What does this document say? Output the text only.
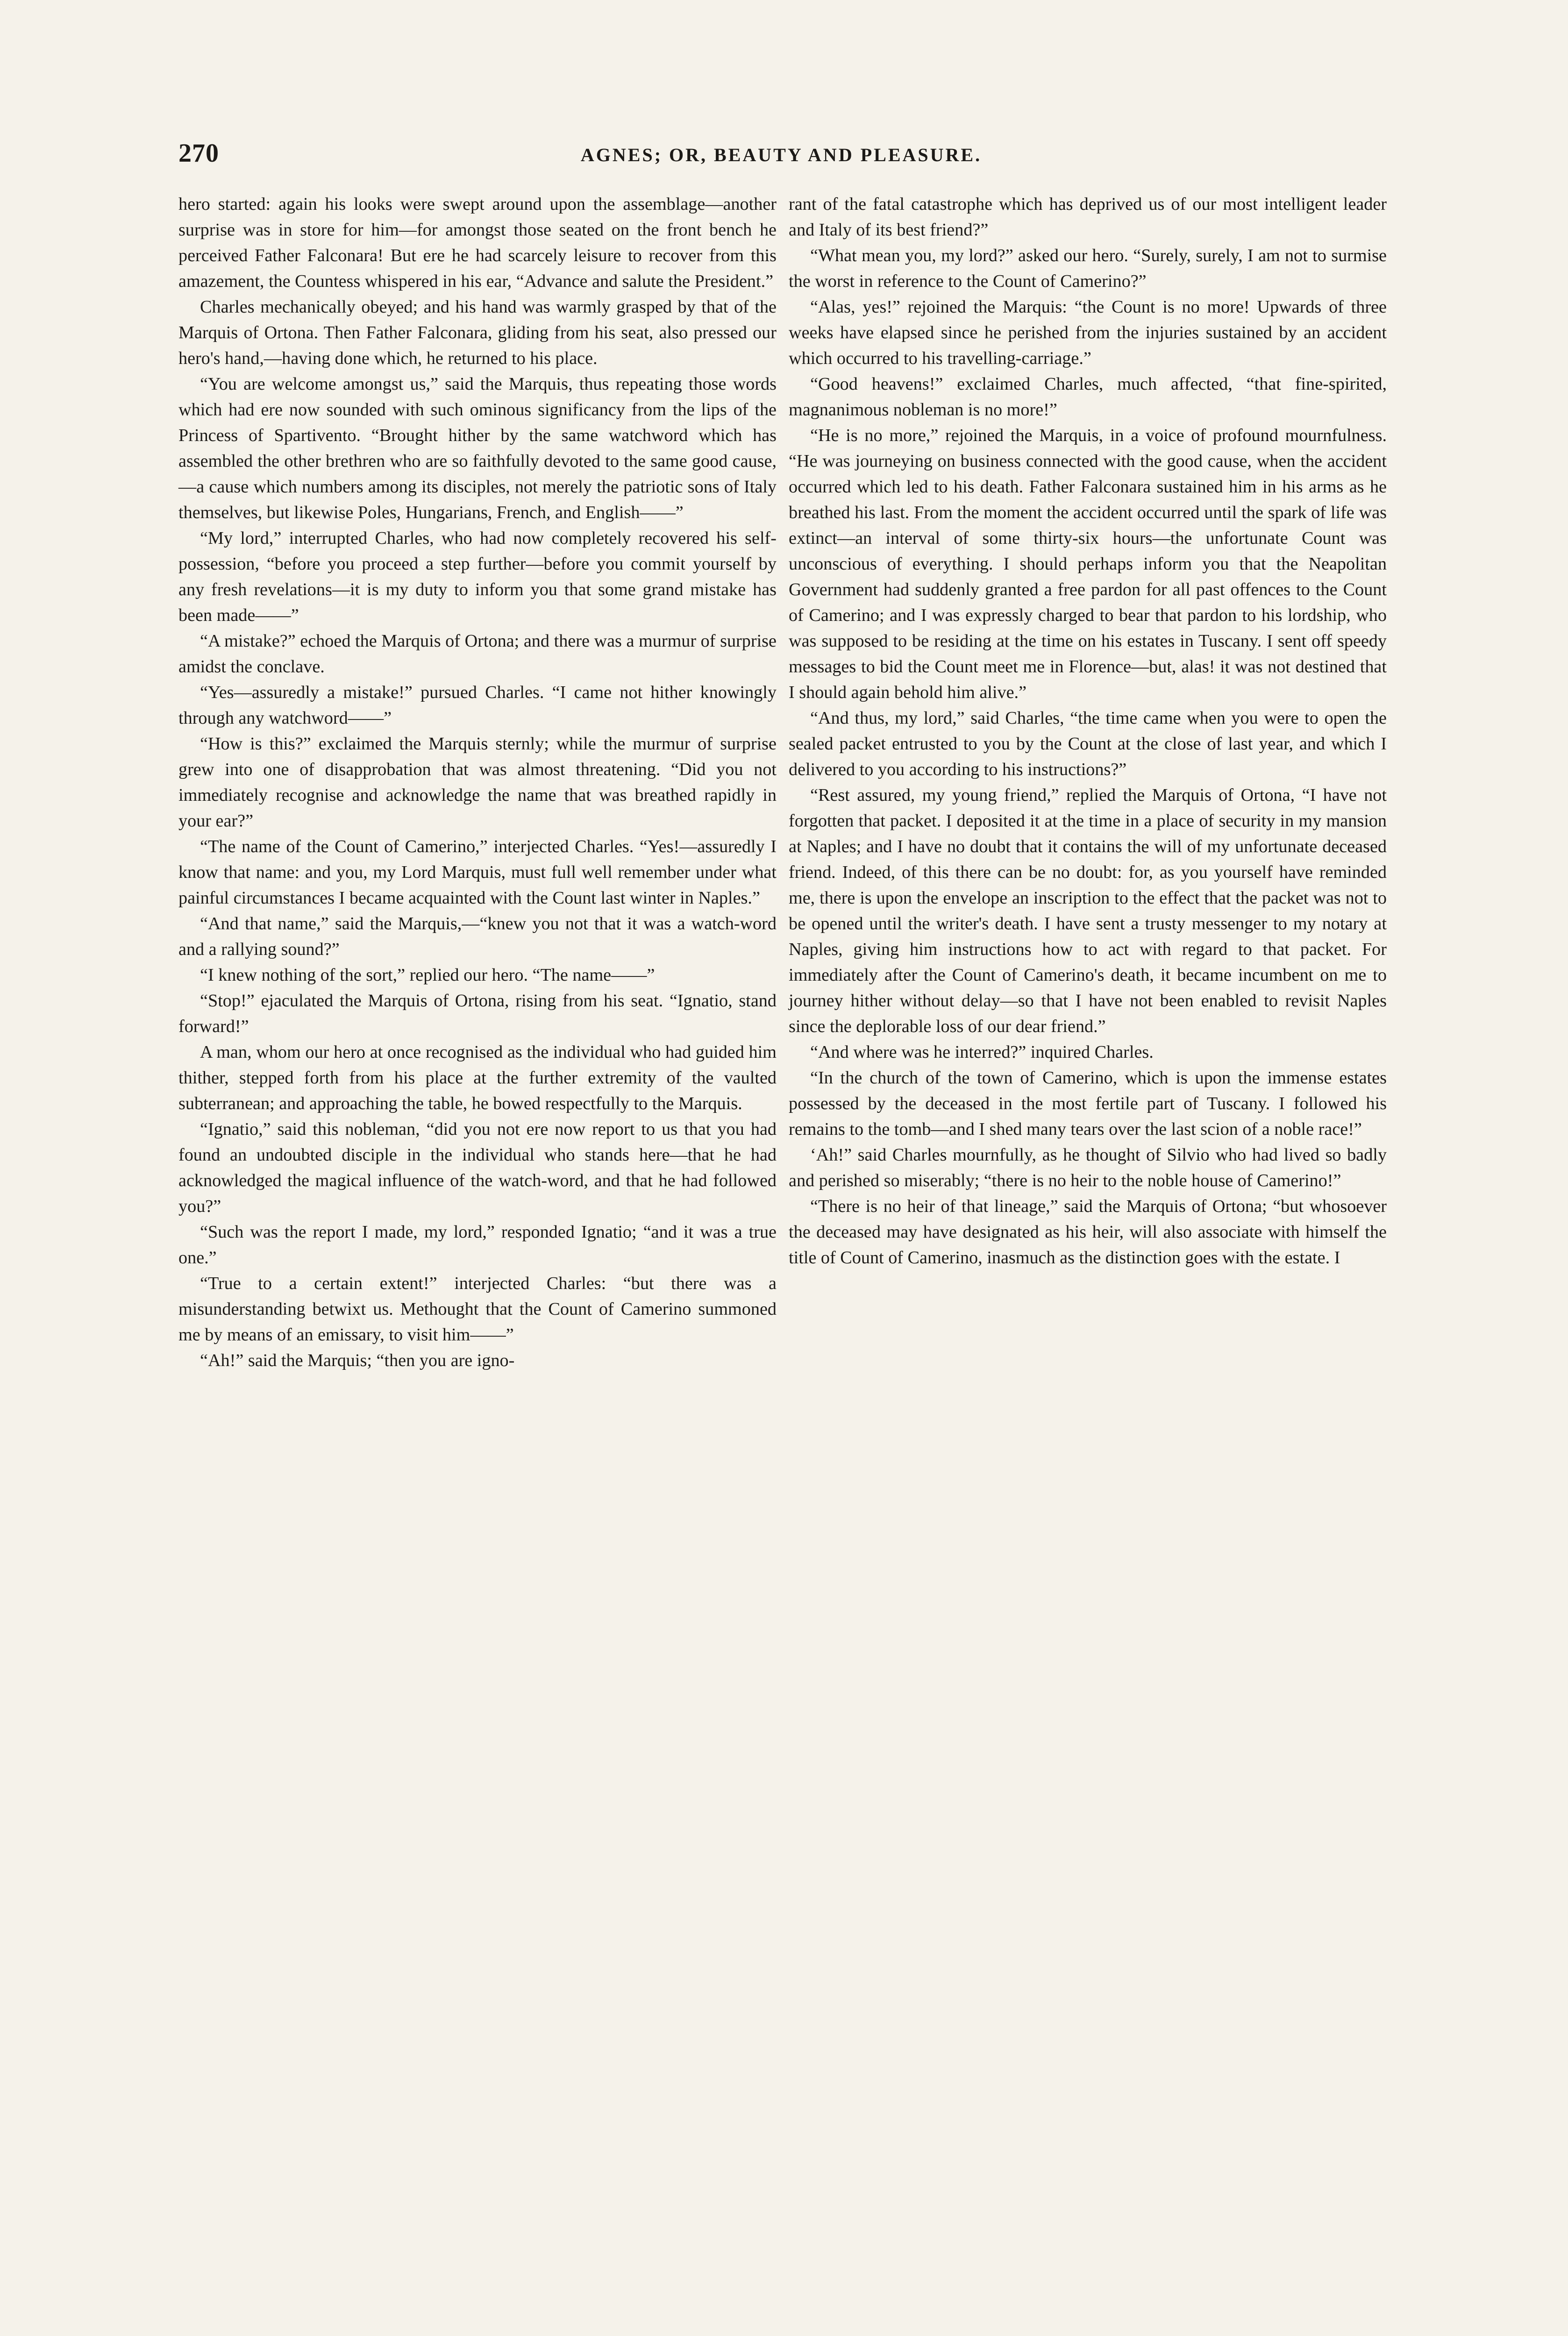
270	AGNES; OR, BEAUTY AND PLEASURE.

hero started: again his looks were swept around upon the assemblage—another surprise was in store for him—for amongst those seated on the front bench he perceived Father Falconara! But ere he had scarcely leisure to recover from this amazement, the Countess whispered in his ear, “Advance and salute the President.”

Charles mechanically obeyed; and his hand was warmly grasped by that of the Marquis of Ortona. Then Father Falconara, gliding from his seat, also pressed our hero's hand,—having done which, he returned to his place.

“You are welcome amongst us,” said the Marquis, thus repeating those words which had ere now sounded with such ominous significancy from the lips of the Princess of Spartivento. “Brought hither by the same watchword which has assembled the other brethren who are so faithfully devoted to the same good cause,—a cause which numbers among its disciples, not merely the patriotic sons of Italy themselves, but likewise Poles, Hungarians, French, and English——”

“My lord,” interrupted Charles, who had now completely recovered his self-possession, “before you proceed a step further—before you commit yourself by any fresh revelations—it is my duty to inform you that some grand mistake has been made——”

“A mistake?” echoed the Marquis of Ortona; and there was a murmur of surprise amidst the conclave.

“Yes—assuredly a mistake!” pursued Charles. “I came not hither knowingly through any watchword——”

“How is this?” exclaimed the Marquis sternly; while the murmur of surprise grew into one of disapprobation that was almost threatening. “Did you not immediately recognise and acknowledge the name that was breathed rapidly in your ear?”

“The name of the Count of Camerino,” interjected Charles. “Yes!—assuredly I know that name: and you, my Lord Marquis, must full well remember under what painful circumstances I became acquainted with the Count last winter in Naples.”

“And that name,” said the Marquis,—“knew you not that it was a watch-word and a rallying sound?”

“I knew nothing of the sort,” replied our hero. “The name——”

“Stop!” ejaculated the Marquis of Ortona, rising from his seat. “Ignatio, stand forward!”

A man, whom our hero at once recognised as the individual who had guided him thither, stepped forth from his place at the further extremity of the vaulted subterranean; and approaching the table, he bowed respectfully to the Marquis.

“Ignatio,” said this nobleman, “did you not ere now report to us that you had found an undoubted disciple in the individual who stands here—that he had acknowledged the magical influence of the watch-word, and that he had followed you?”

“Such was the report I made, my lord,” responded Ignatio; “and it was a true one.”

“True to a certain extent!” interjected Charles: “but there was a misunderstanding betwixt us. Methought that the Count of Camerino summoned me by means of an emissary, to visit him——”

“Ah!” said the Marquis; “then you are igno-

rant of the fatal catastrophe which has deprived us of our most intelligent leader and Italy of its best friend?”

“What mean you, my lord?” asked our hero. “Surely, surely, I am not to surmise the worst in reference to the Count of Camerino?”

“Alas, yes!” rejoined the Marquis: “the Count is no more! Upwards of three weeks have elapsed since he perished from the injuries sustained by an accident which occurred to his travelling-carriage.”

“Good heavens!” exclaimed Charles, much affected, “that fine-spirited, magnanimous nobleman is no more!”

“He is no more,” rejoined the Marquis, in a voice of profound mournfulness. “He was journeying on business connected with the good cause, when the accident occurred which led to his death. Father Falconara sustained him in his arms as he breathed his last. From the moment the accident occurred until the spark of life was extinct—an interval of some thirty-six hours—the unfortunate Count was unconscious of everything. I should perhaps inform you that the Neapolitan Government had suddenly granted a free pardon for all past offences to the Count of Camerino; and I was expressly charged to bear that pardon to his lordship, who was supposed to be residing at the time on his estates in Tuscany. I sent off speedy messages to bid the Count meet me in Florence—but, alas! it was not destined that I should again behold him alive.”

“And thus, my lord,” said Charles, “the time came when you were to open the sealed packet entrusted to you by the Count at the close of last year, and which I delivered to you according to his instructions?”

“Rest assured, my young friend,” replied the Marquis of Ortona, “I have not forgotten that packet. I deposited it at the time in a place of security in my mansion at Naples; and I have no doubt that it contains the will of my unfortunate deceased friend. Indeed, of this there can be no doubt: for, as you yourself have reminded me, there is upon the envelope an inscription to the effect that the packet was not to be opened until the writer's death. I have sent a trusty messenger to my notary at Naples, giving him instructions how to act with regard to that packet. For immediately after the Count of Camerino's death, it became incumbent on me to journey hither without delay—so that I have not been enabled to revisit Naples since the deplorable loss of our dear friend.”

“And where was he interred?” inquired Charles.

“In the church of the town of Camerino, which is upon the immense estates possessed by the deceased in the most fertile part of Tuscany. I followed his remains to the tomb—and I shed many tears over the last scion of a noble race!”

‘Ah!” said Charles mournfully, as he thought of Silvio who had lived so badly and perished so miserably; “there is no heir to the noble house of Camerino!”

“There is no heir of that lineage,” said the Marquis of Ortona; “but whosoever the deceased may have designated as his heir, will also associate with himself the title of Count of Camerino, inasmuch as the distinction goes with the estate. I
